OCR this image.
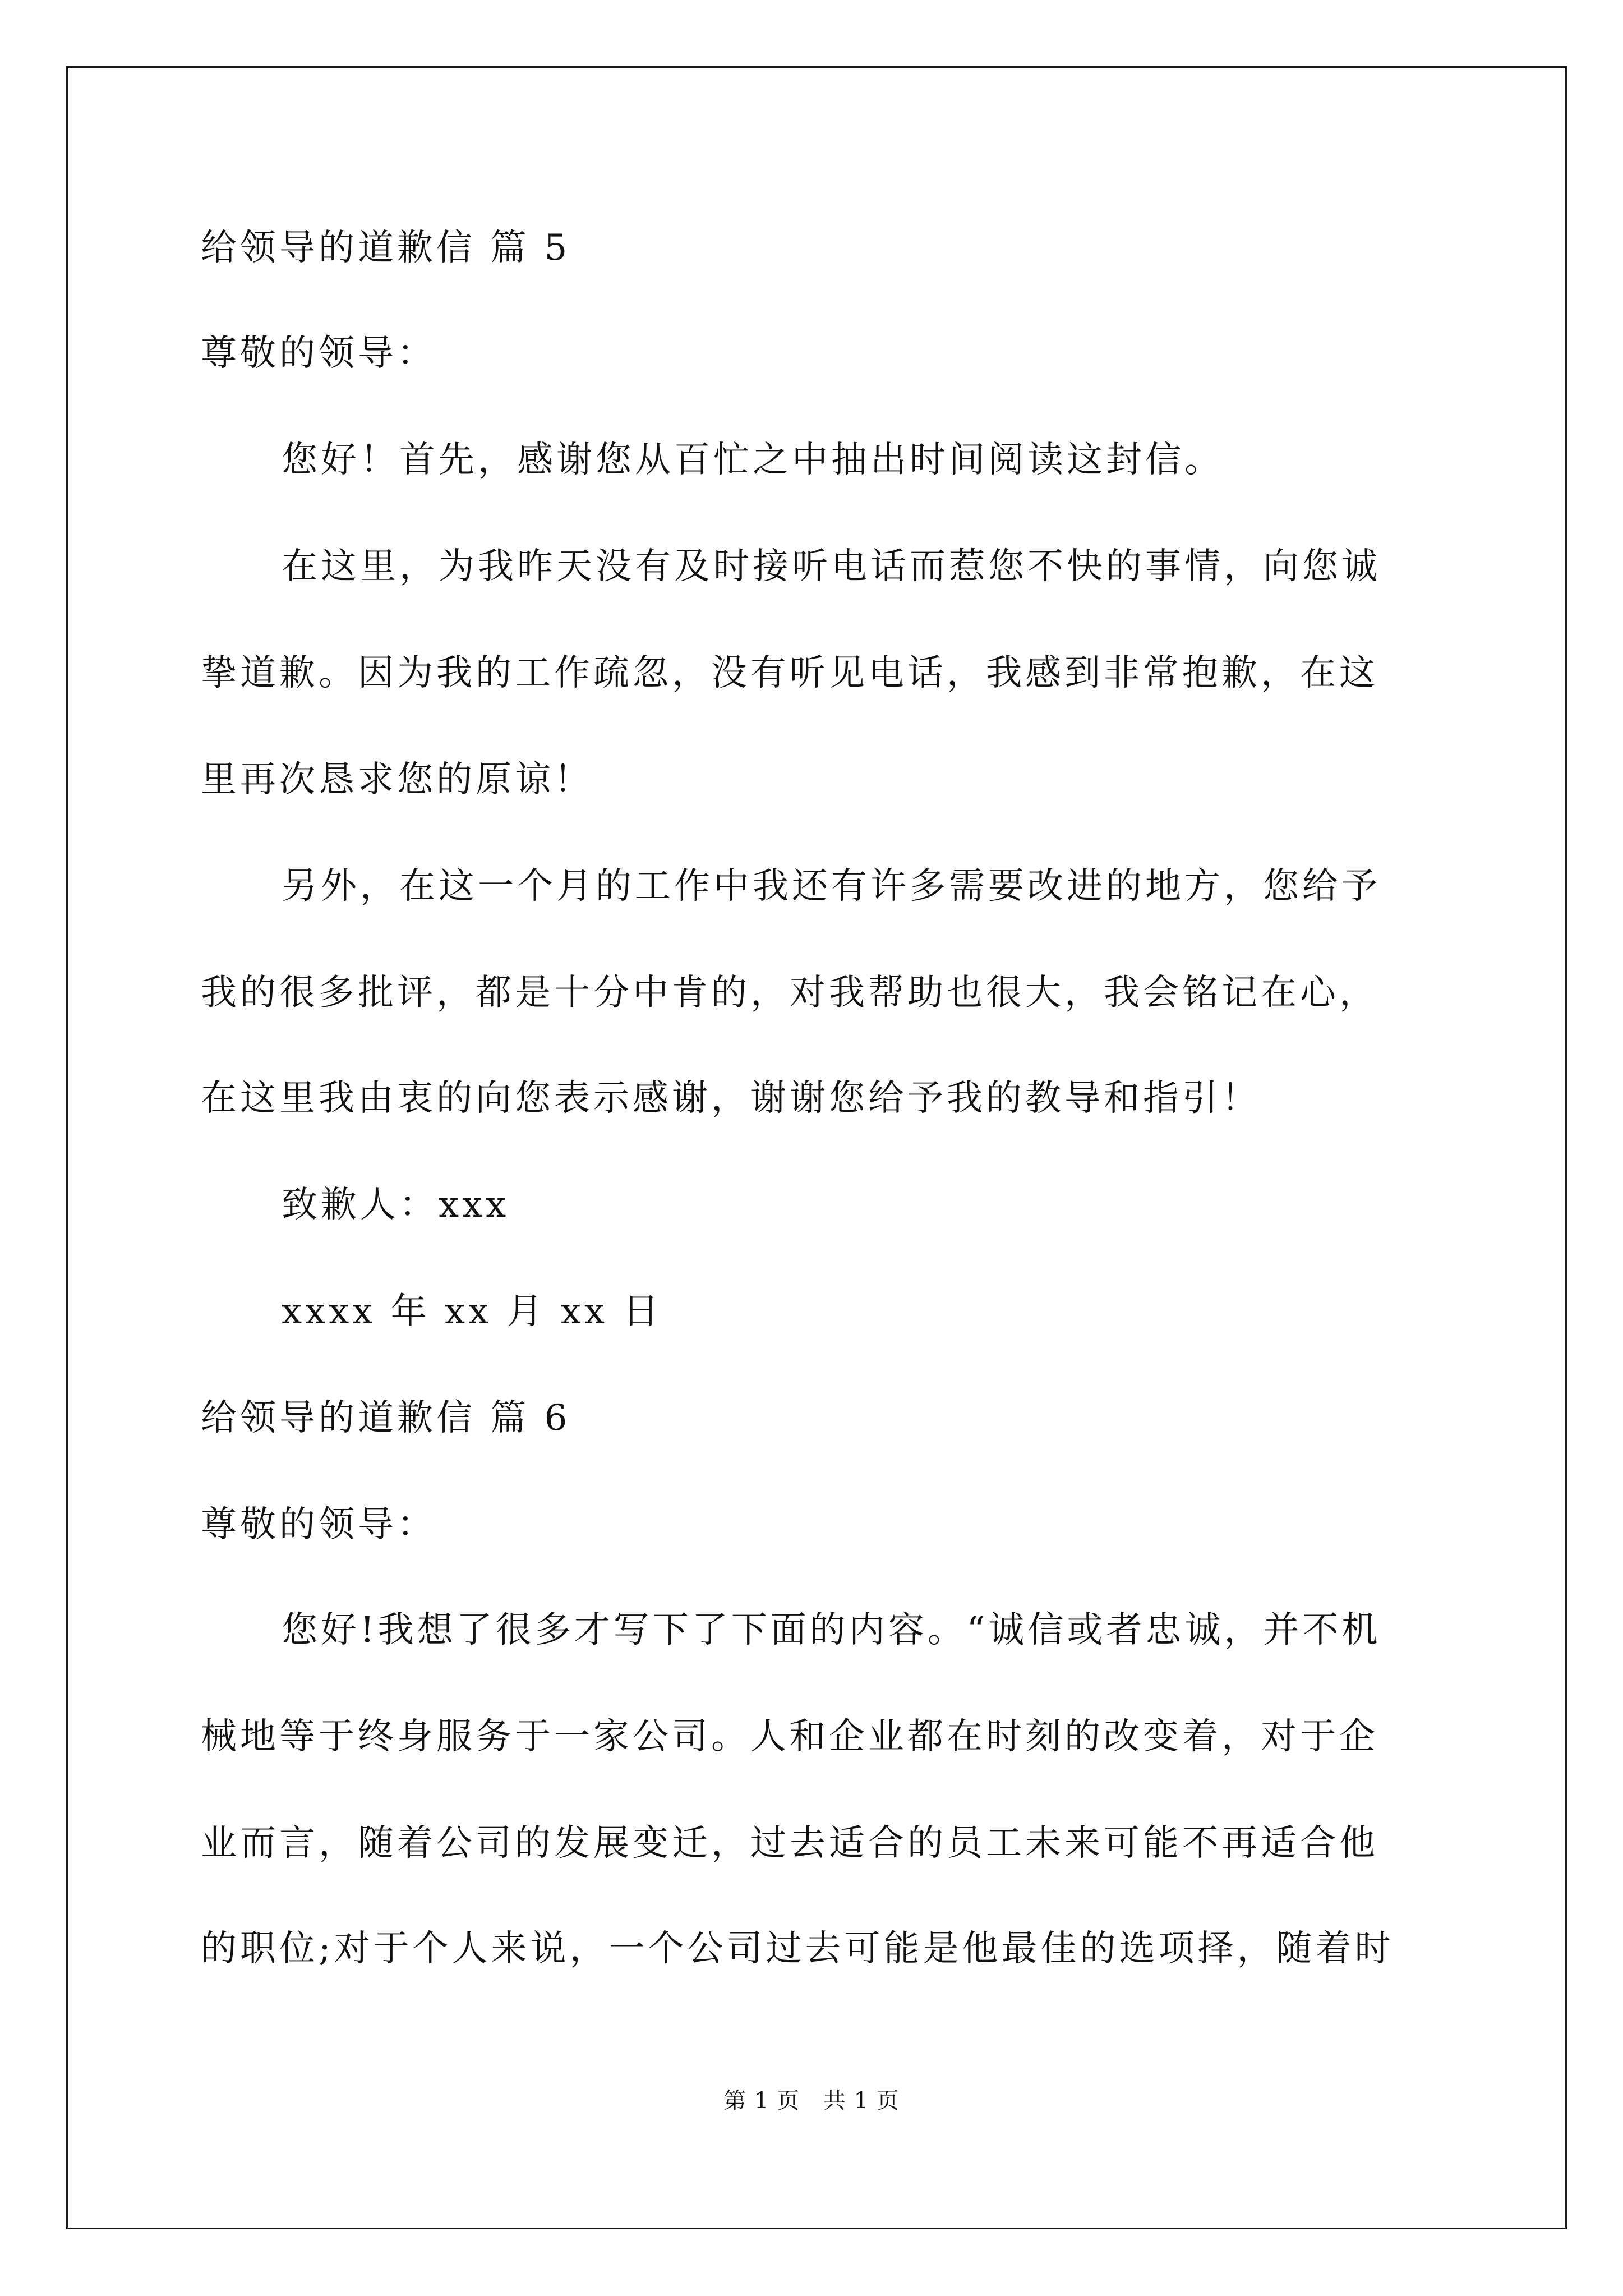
给领导的道歉信 篇 5
尊敬的领导：
您好！首先，感谢您从百忙之中抽出时间阅读这封信。
在这里，为我昨天没有及时接听电话而惹您不快的事情，向您诚
挚道歉。因为我的工作疏忽，没有听见电话，我感到非常抱歉，在这
里再次恳求您的原谅！
另外，在这一个月的工作中我还有许多需要改进的地方，您给予
我的很多批评，都是十分中肯的，对我帮助也很大，我会铭记在心，
在这里我由衷的向您表示感谢，谢谢您给予我的教导和指引！
致歉人：xxx
xxxx 年 xx 月 xx 日
给领导的道歉信 篇 6
尊敬的领导：
您好!我想了很多才写下了下面的内容。“诚信或者忠诚，并不机
械地等于终身服务于一家公司。人和企业都在时刻的改变着，对于企
业而言，随着公司的发展变迁，过去适合的员工未来可能不再适合他
的职位;对于个人来说，一个公司过去可能是他最佳的选项择，随着时
第 1 页 共 1 页
